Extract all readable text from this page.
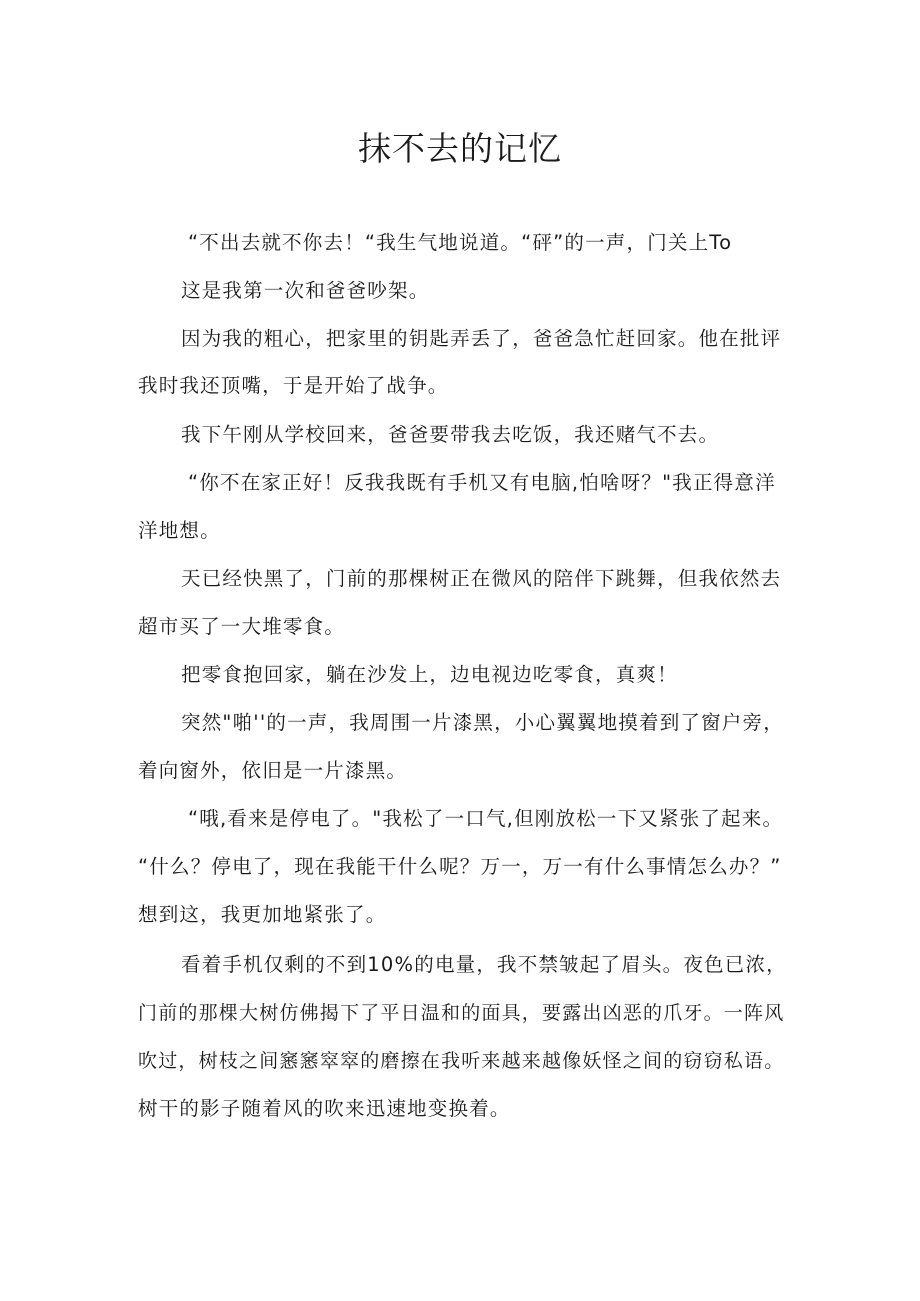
抹不去的记忆
“不出去就不你去！“我生气地说道。“砰”的一声，门关上To
这是我第一次和爸爸吵架。
因为我的粗心，把家里的钥匙弄丢了，爸爸急忙赶回家。他在批评
我时我还顶嘴，于是开始了战争。
我下午刚从学校回来，爸爸要带我去吃饭，我还赌气不去。
“你不在家正好！反我我既有手机又有电脑,怕啥呀？"我正得意洋
洋地想。
天已经快黑了，门前的那棵树正在微风的陪伴下跳舞，但我依然去
超市买了一大堆零食。
把零食抱回家，躺在沙发上，边电视边吃零食，真爽！
突然"啪''的一声，我周围一片漆黑，小心翼翼地摸着到了窗户旁，
着向窗外，依旧是一片漆黑。
“哦,看来是停电了。"我松了一口气,但刚放松一下又紧张了起来。
“什么？停电了，现在我能干什么呢？万一，万一有什么事情怎么办？”
想到这，我更加地紧张了。
看着手机仅剩的不到10%的电量，我不禁皱起了眉头。夜色已浓，
门前的那棵大树仿佛揭下了平日温和的面具，要露出凶恶的爪牙。一阵风
吹过，树枝之间窸窸窣窣的磨擦在我听来越来越像妖怪之间的窃窃私语。
树干的影子随着风的吹来迅速地变换着。
